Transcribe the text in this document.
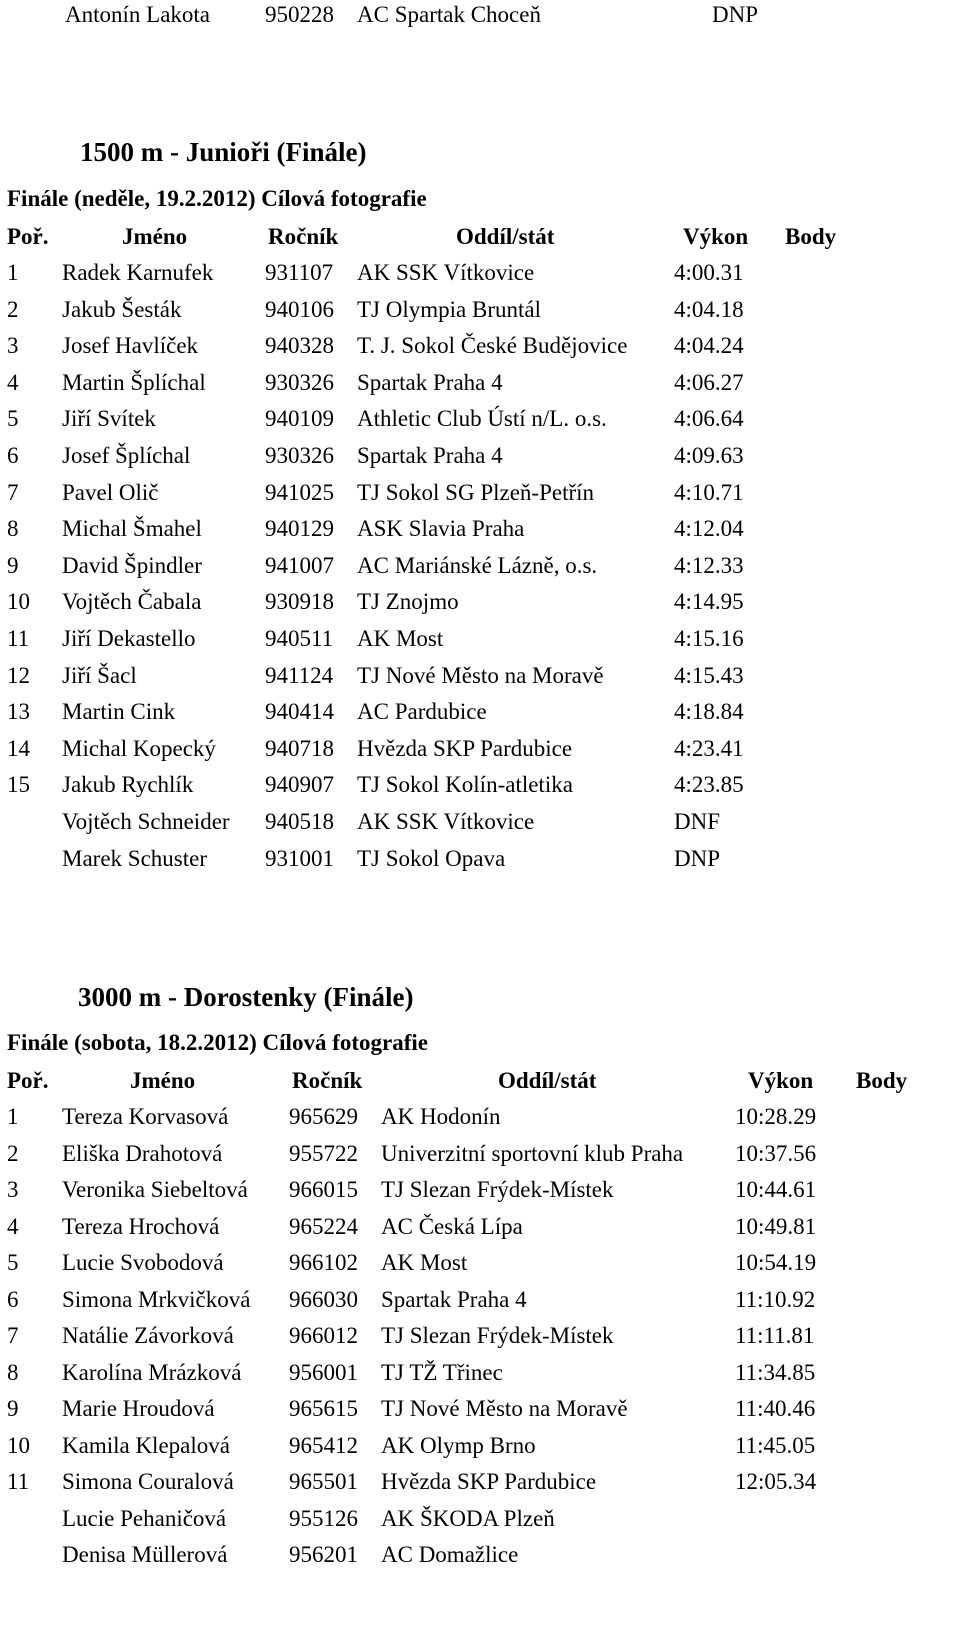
Antonín Lakota 950228 AC Spartak Choceň	DNP
1500 m - Junioři (Finále)
Finále (neděle, 19.2.2012) Cílová fotografie
Poř.	Jméno	Ročník	Oddíl/stát	Výkon Body
1 Radek Karnufek 931107 AK SSK Vítkovice	4:00.31
2 Jakub Šesták	940106 TJ Olympia Bruntál	4:04.18
3 Josef Havlíček	940328 T. J. Sokol České Budějovice 4:04.24
4 Martin Šplíchal	930326 Spartak Praha 4	4:06.27
5 Jiří Svítek	940109 Athletic Club Ústí n/L. o.s.	4:06.64
6 Josef Šplíchal	930326 Spartak Praha 4	4:09.63
7 Pavel Olič	941025 TJ Sokol SG Plzeň-Petřín	4:10.71
8 Michal Šmahel	940129 ASK Slavia Praha	4:12.04
9 David Špindler	941007 AC Mariánské Lázně, o.s.	4:12.33
10 Vojtěch Čabala	930918 TJ Znojmo	4:14.95
11 Jiří Dekastello	940511 AK Most	4:15.16
12 Jiří Šacl	941124 TJ Nové Město na Moravě	4:15.43
13 Martin Cink	940414 AC Pardubice	4:18.84
14 Michal Kopecký 940718 Hvězda SKP Pardubice	4:23.41
15 Jakub Rychlík	940907 TJ Sokol Kolín-atletika	4:23.85
Vojtěch Schneider 940518 AK SSK Vítkovice	DNF
Marek Schuster	931001 TJ Sokol Opava	DNP
3000 m - Dorostenky (Finále)
Finále (sobota, 18.2.2012) Cílová fotografie
Poř.	Jméno	Ročník	Oddíl/stát	Výkon Body
1 Tereza Korvasová	965629 AK Hodonín	10:28.29
2 Eliška Drahotová	955722 Univerzitní sportovní klub Praha 10:37.56
3 Veronika Siebeltová 966015 TJ Slezan Frýdek-Místek	10:44.61
4 Tereza Hrochová	965224 AC Česká Lípa	10:49.81
5 Lucie Svobodová	966102 AK Most	10:54.19
6 Simona Mrkvičková 966030 Spartak Praha 4	11:10.92
7 Natálie Závorková 966012 TJ Slezan Frýdek-Místek	11:11.81
8 Karolína Mrázková 956001 TJ TŽ Třinec	11:34.85
9 Marie Hroudová	965615 TJ Nové Město na Moravě	11:40.46
10 Kamila Klepalová	965412 AK Olymp Brno	11:45.05
11 Simona Couralová 965501 Hvězda SKP Pardubice	12:05.34
Lucie Pehaničová	955126 AK ŠKODA Plzeň
Denisa Müllerová	956201 AC Domažlice
